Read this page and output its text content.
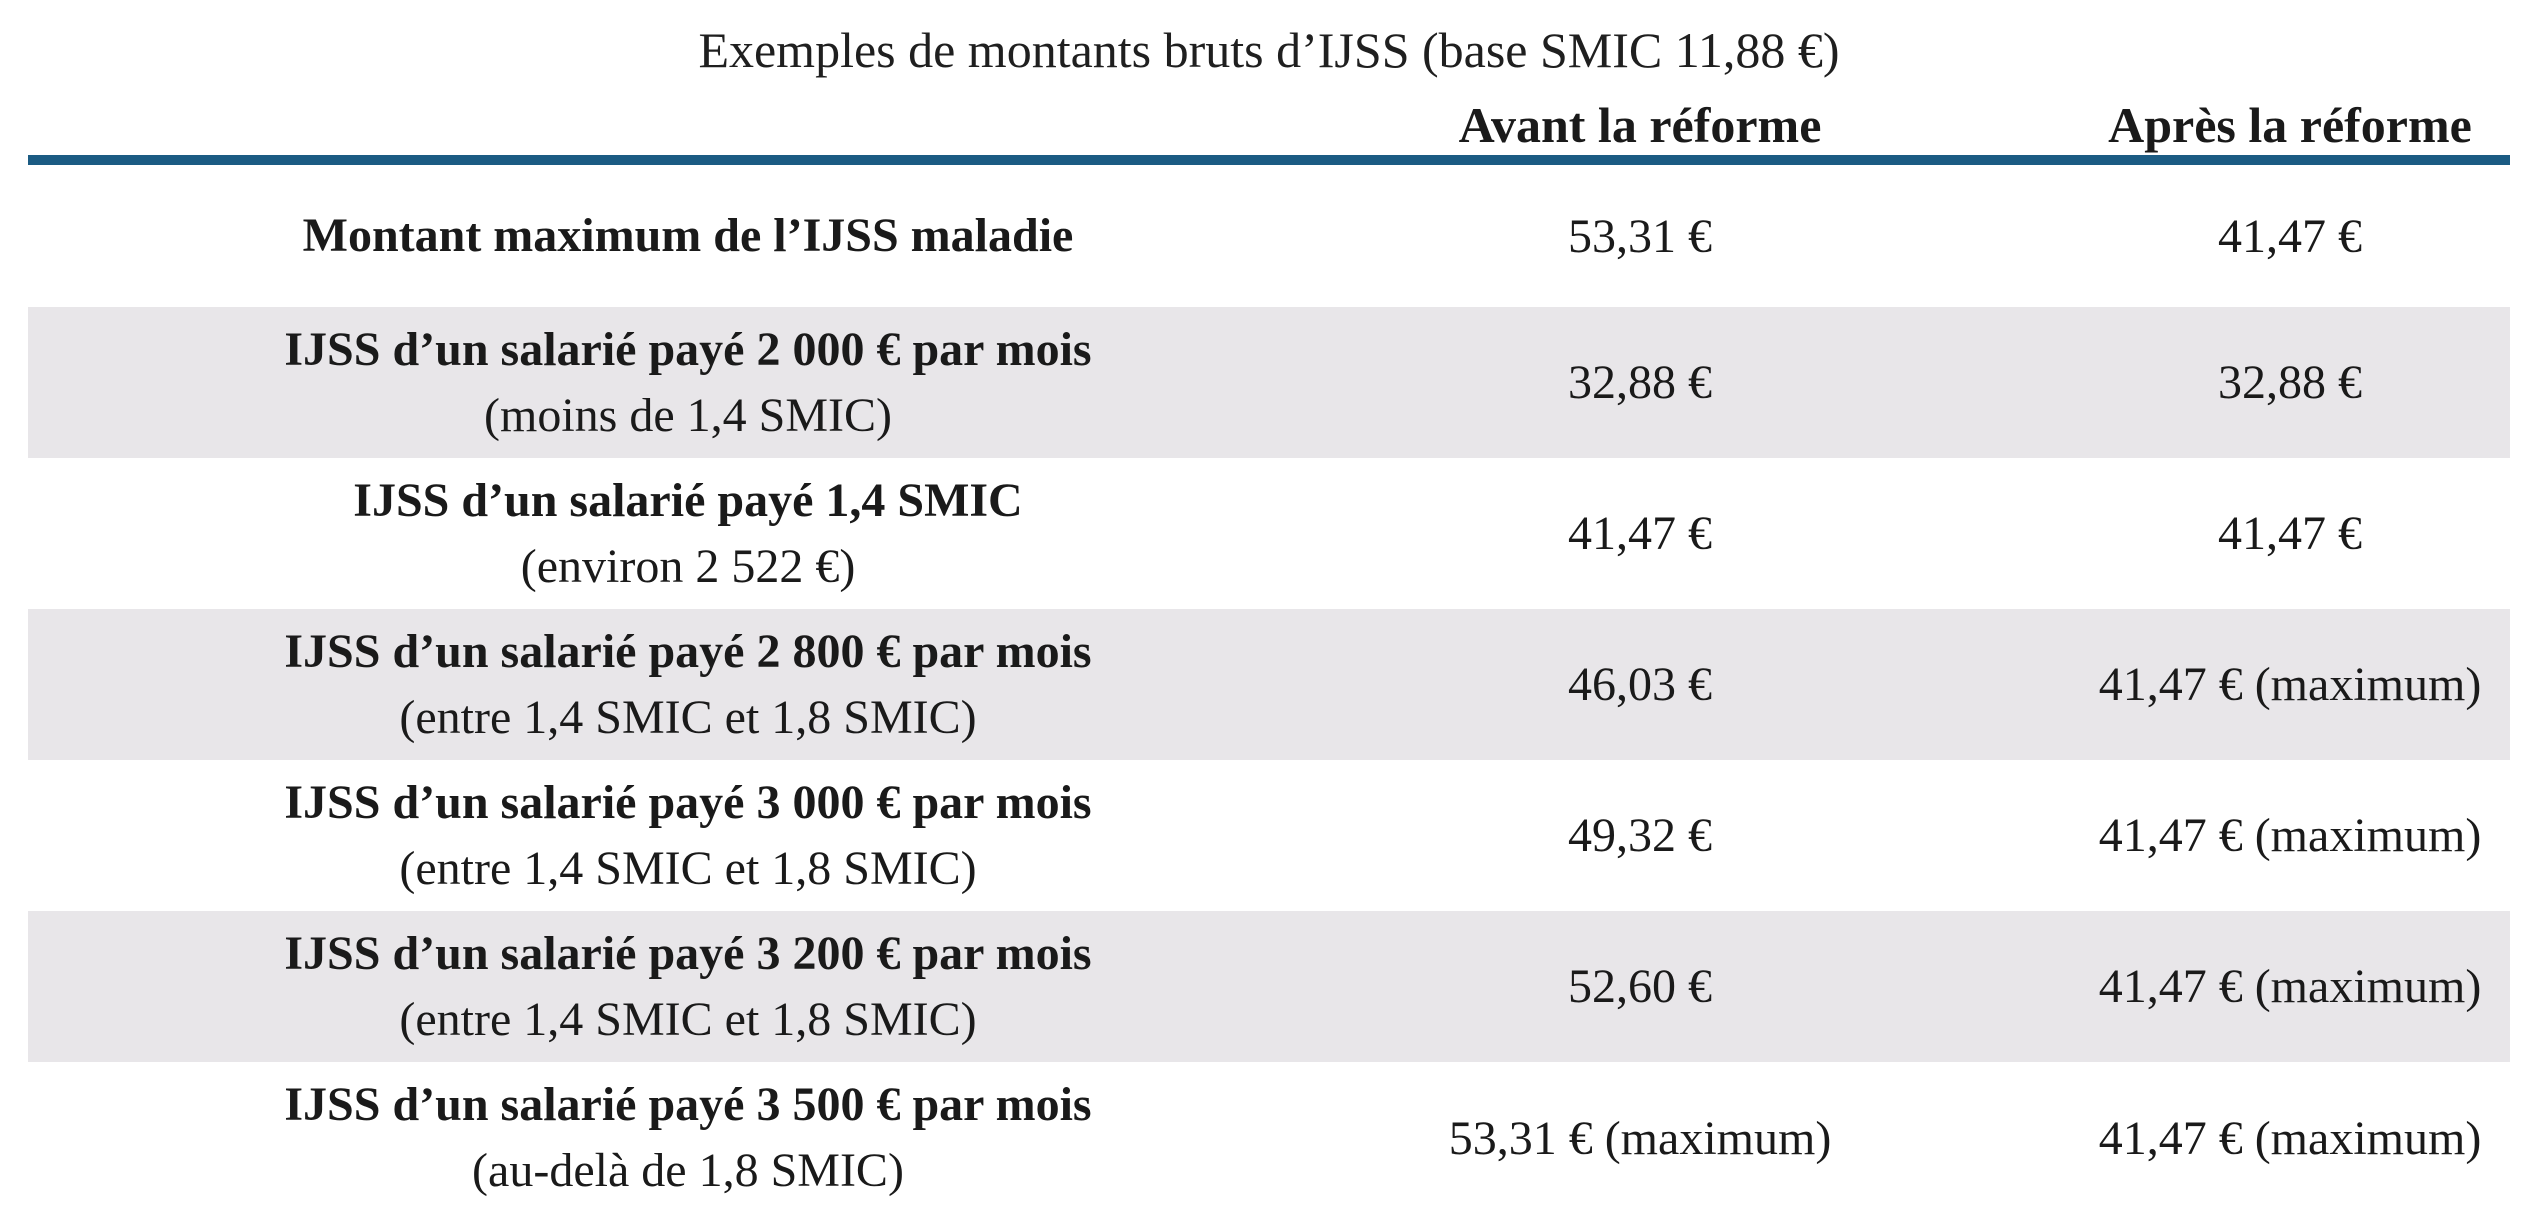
Exemples de montants bruts d’IJSS (base SMIC 11,88 €)
Avant la réforme	Après la réforme
Montant maximum de l’IJSS maladie	53,31 €	41,47 €
IJSS d’un salarié payé 2 000 € par mois
(moins de 1,4 SMIC)
32,88 €	32,88 €
IJSS d’un salarié payé 1,4 SMIC
(environ 2 522 €)
41,47 €	41,47 €
IJSS d’un salarié payé 2 800 € par mois
(entre 1,4 SMIC et 1,8 SMIC)
46,03 €	41,47 € (maximum)
IJSS d’un salarié payé 3 000 € par mois
(entre 1,4 SMIC et 1,8 SMIC)
49,32 €	41,47 € (maximum)
IJSS d’un salarié payé 3 200 € par mois
(entre 1,4 SMIC et 1,8 SMIC)
52,60 €	41,47 € (maximum)
IJSS d’un salarié payé 3 500 € par mois
(au-delà de 1,8 SMIC)
53,31 € (maximum)	41,47 € (maximum)
